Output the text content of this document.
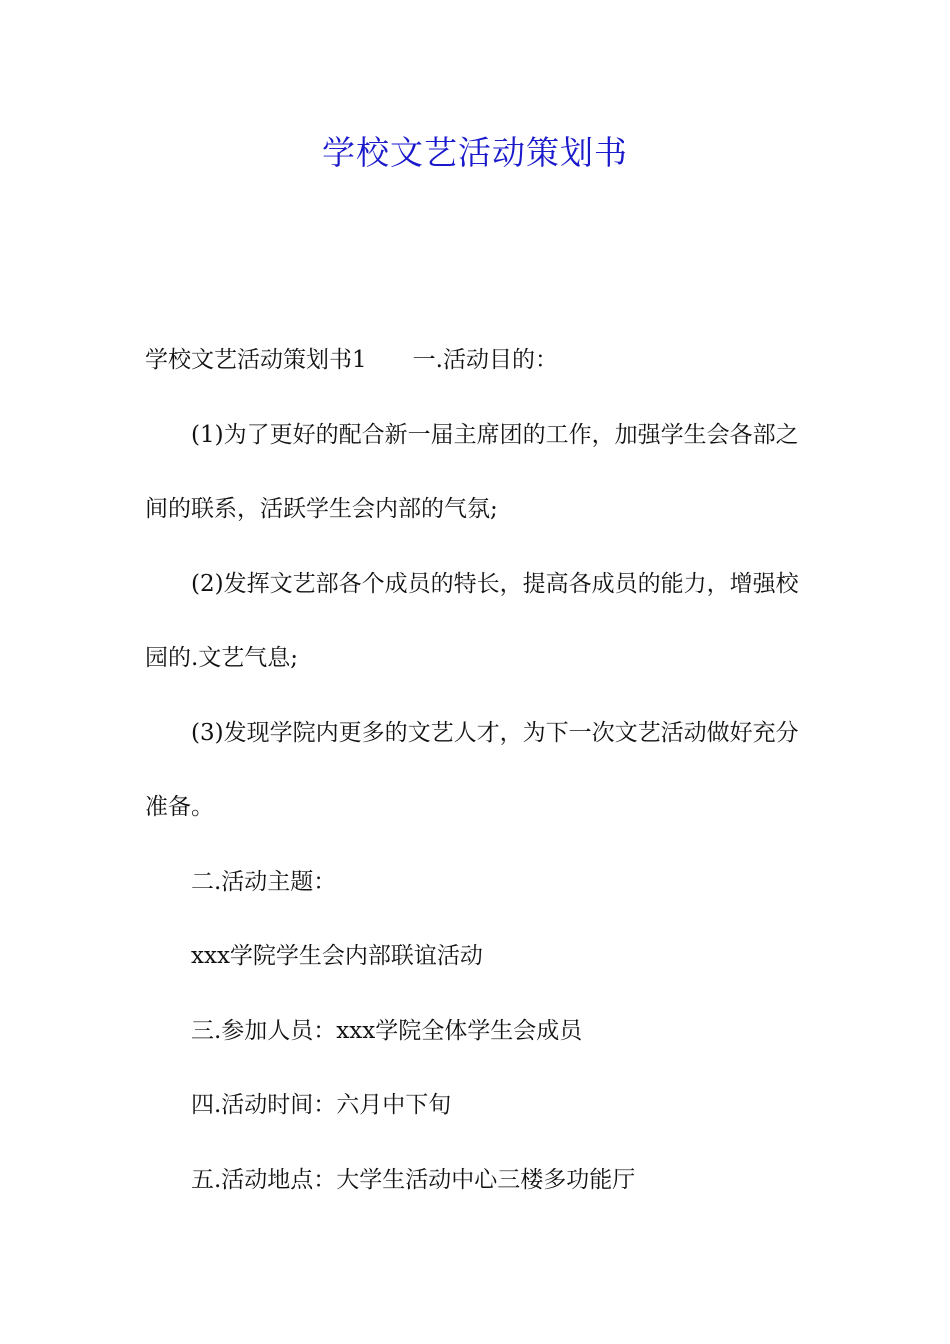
学校文艺活动策划书

学校文艺活动策划书1　　一.活动目的：

(1)为了更好的配合新一届主席团的工作，加强学生会各部之间的联系，活跃学生会内部的气氛;

(2)发挥文艺部各个成员的特长，提高各成员的能力，增强校园的.文艺气息;

(3)发现学院内更多的文艺人才，为下一次文艺活动做好充分准备。

二.活动主题：

xxx学院学生会内部联谊活动

三.参加人员：xxx学院全体学生会成员

四.活动时间：六月中下旬

五.活动地点：大学生活动中心三楼多功能厅
